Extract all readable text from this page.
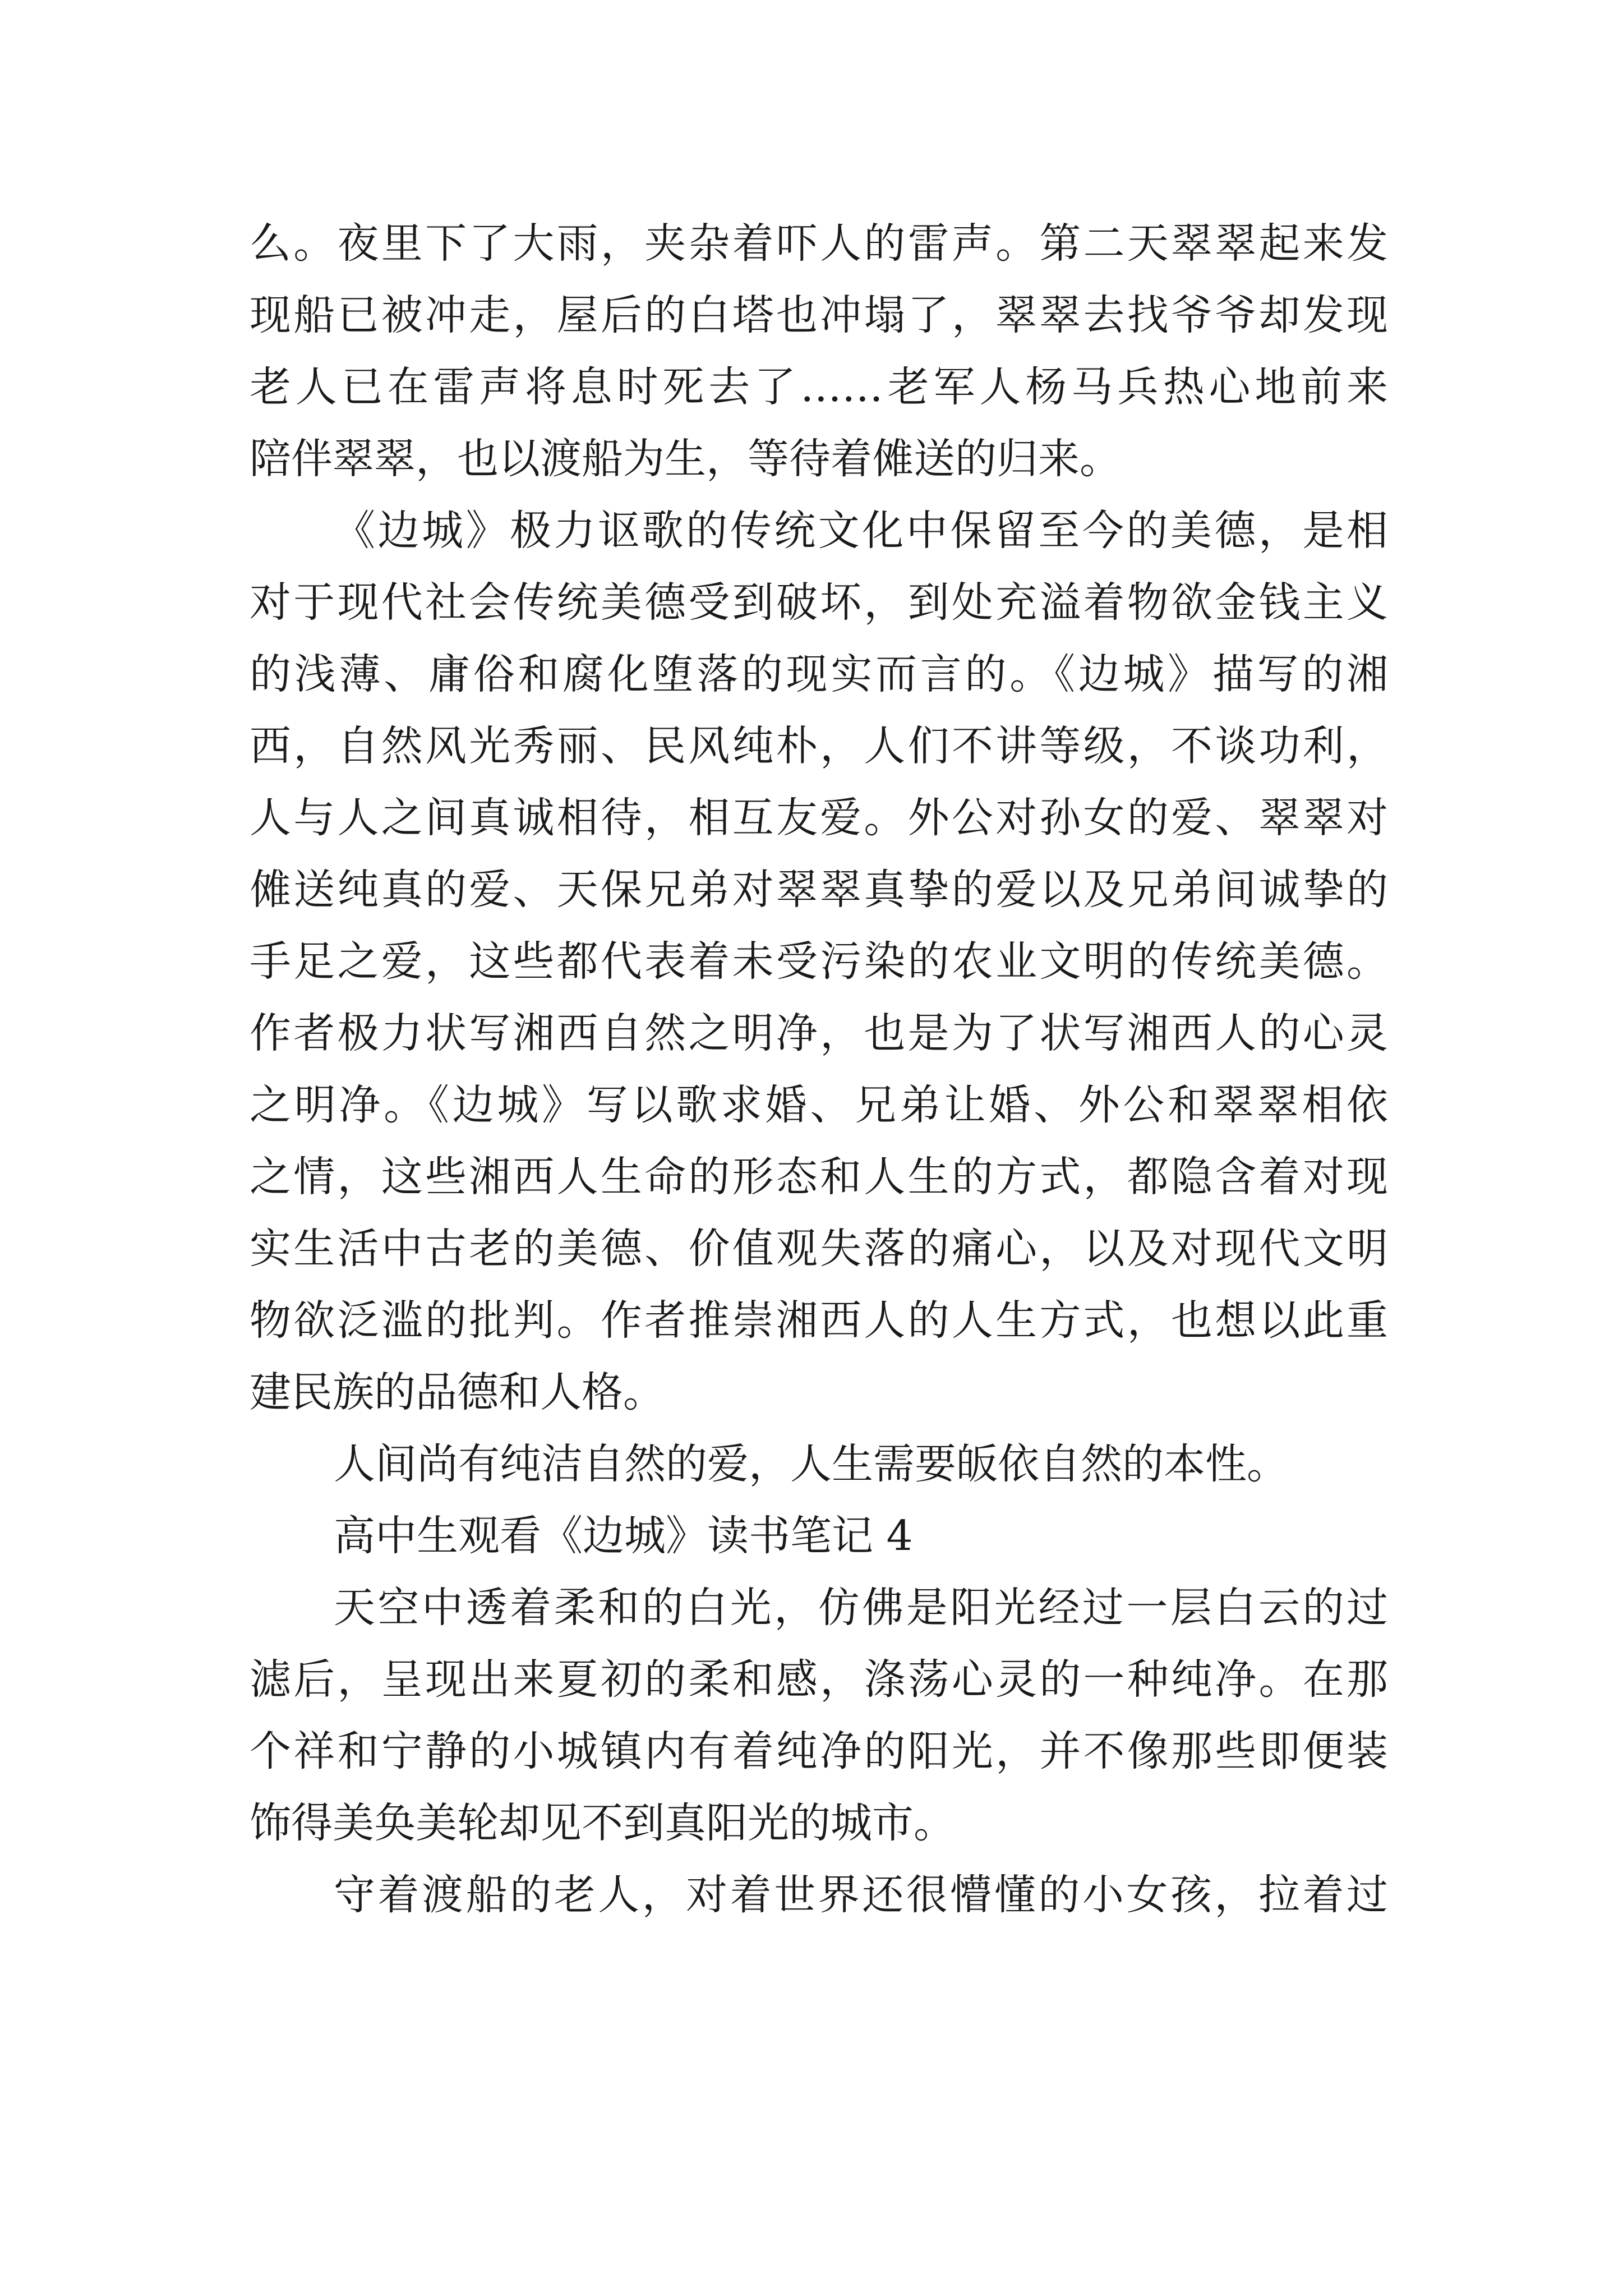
么。夜里下了大雨，夹杂着吓人的雷声。第二天翠翠起来发
现船已被冲走，屋后的白塔也冲塌了，翠翠去找爷爷却发现
老人已在雷声将息时死去了……老军人杨马兵热心地前来
陪伴翠翠，也以渡船为生，等待着傩送的归来。
《边城》极力讴歌的传统文化中保留至今的美德，是相
对于现代社会传统美德受到破坏，到处充溢着物欲金钱主义
的浅薄、庸俗和腐化堕落的现实而言的。《边城》描写的湘
西，自然风光秀丽、民风纯朴，人们不讲等级，不谈功利，
人与人之间真诚相待，相互友爱。外公对孙女的爱、翠翠对
傩送纯真的爱、天保兄弟对翠翠真挚的爱以及兄弟间诚挚的
手足之爱，这些都代表着未受污染的农业文明的传统美德。
作者极力状写湘西自然之明净，也是为了状写湘西人的心灵
之明净。《边城》写以歌求婚、兄弟让婚、外公和翠翠相依
之情，这些湘西人生命的形态和人生的方式，都隐含着对现
实生活中古老的美德、价值观失落的痛心，以及对现代文明
物欲泛滥的批判。作者推崇湘西人的人生方式，也想以此重
建民族的品德和人格。
人间尚有纯洁自然的爱，人生需要皈依自然的本性。
高中生观看《边城》读书笔记 4
天空中透着柔和的白光，仿佛是阳光经过一层白云的过
滤后，呈现出来夏初的柔和感，涤荡心灵的一种纯净。在那
个祥和宁静的小城镇内有着纯净的阳光，并不像那些即便装
饰得美奂美轮却见不到真阳光的城市。
守着渡船的老人，对着世界还很懵懂的小女孩，拉着过
